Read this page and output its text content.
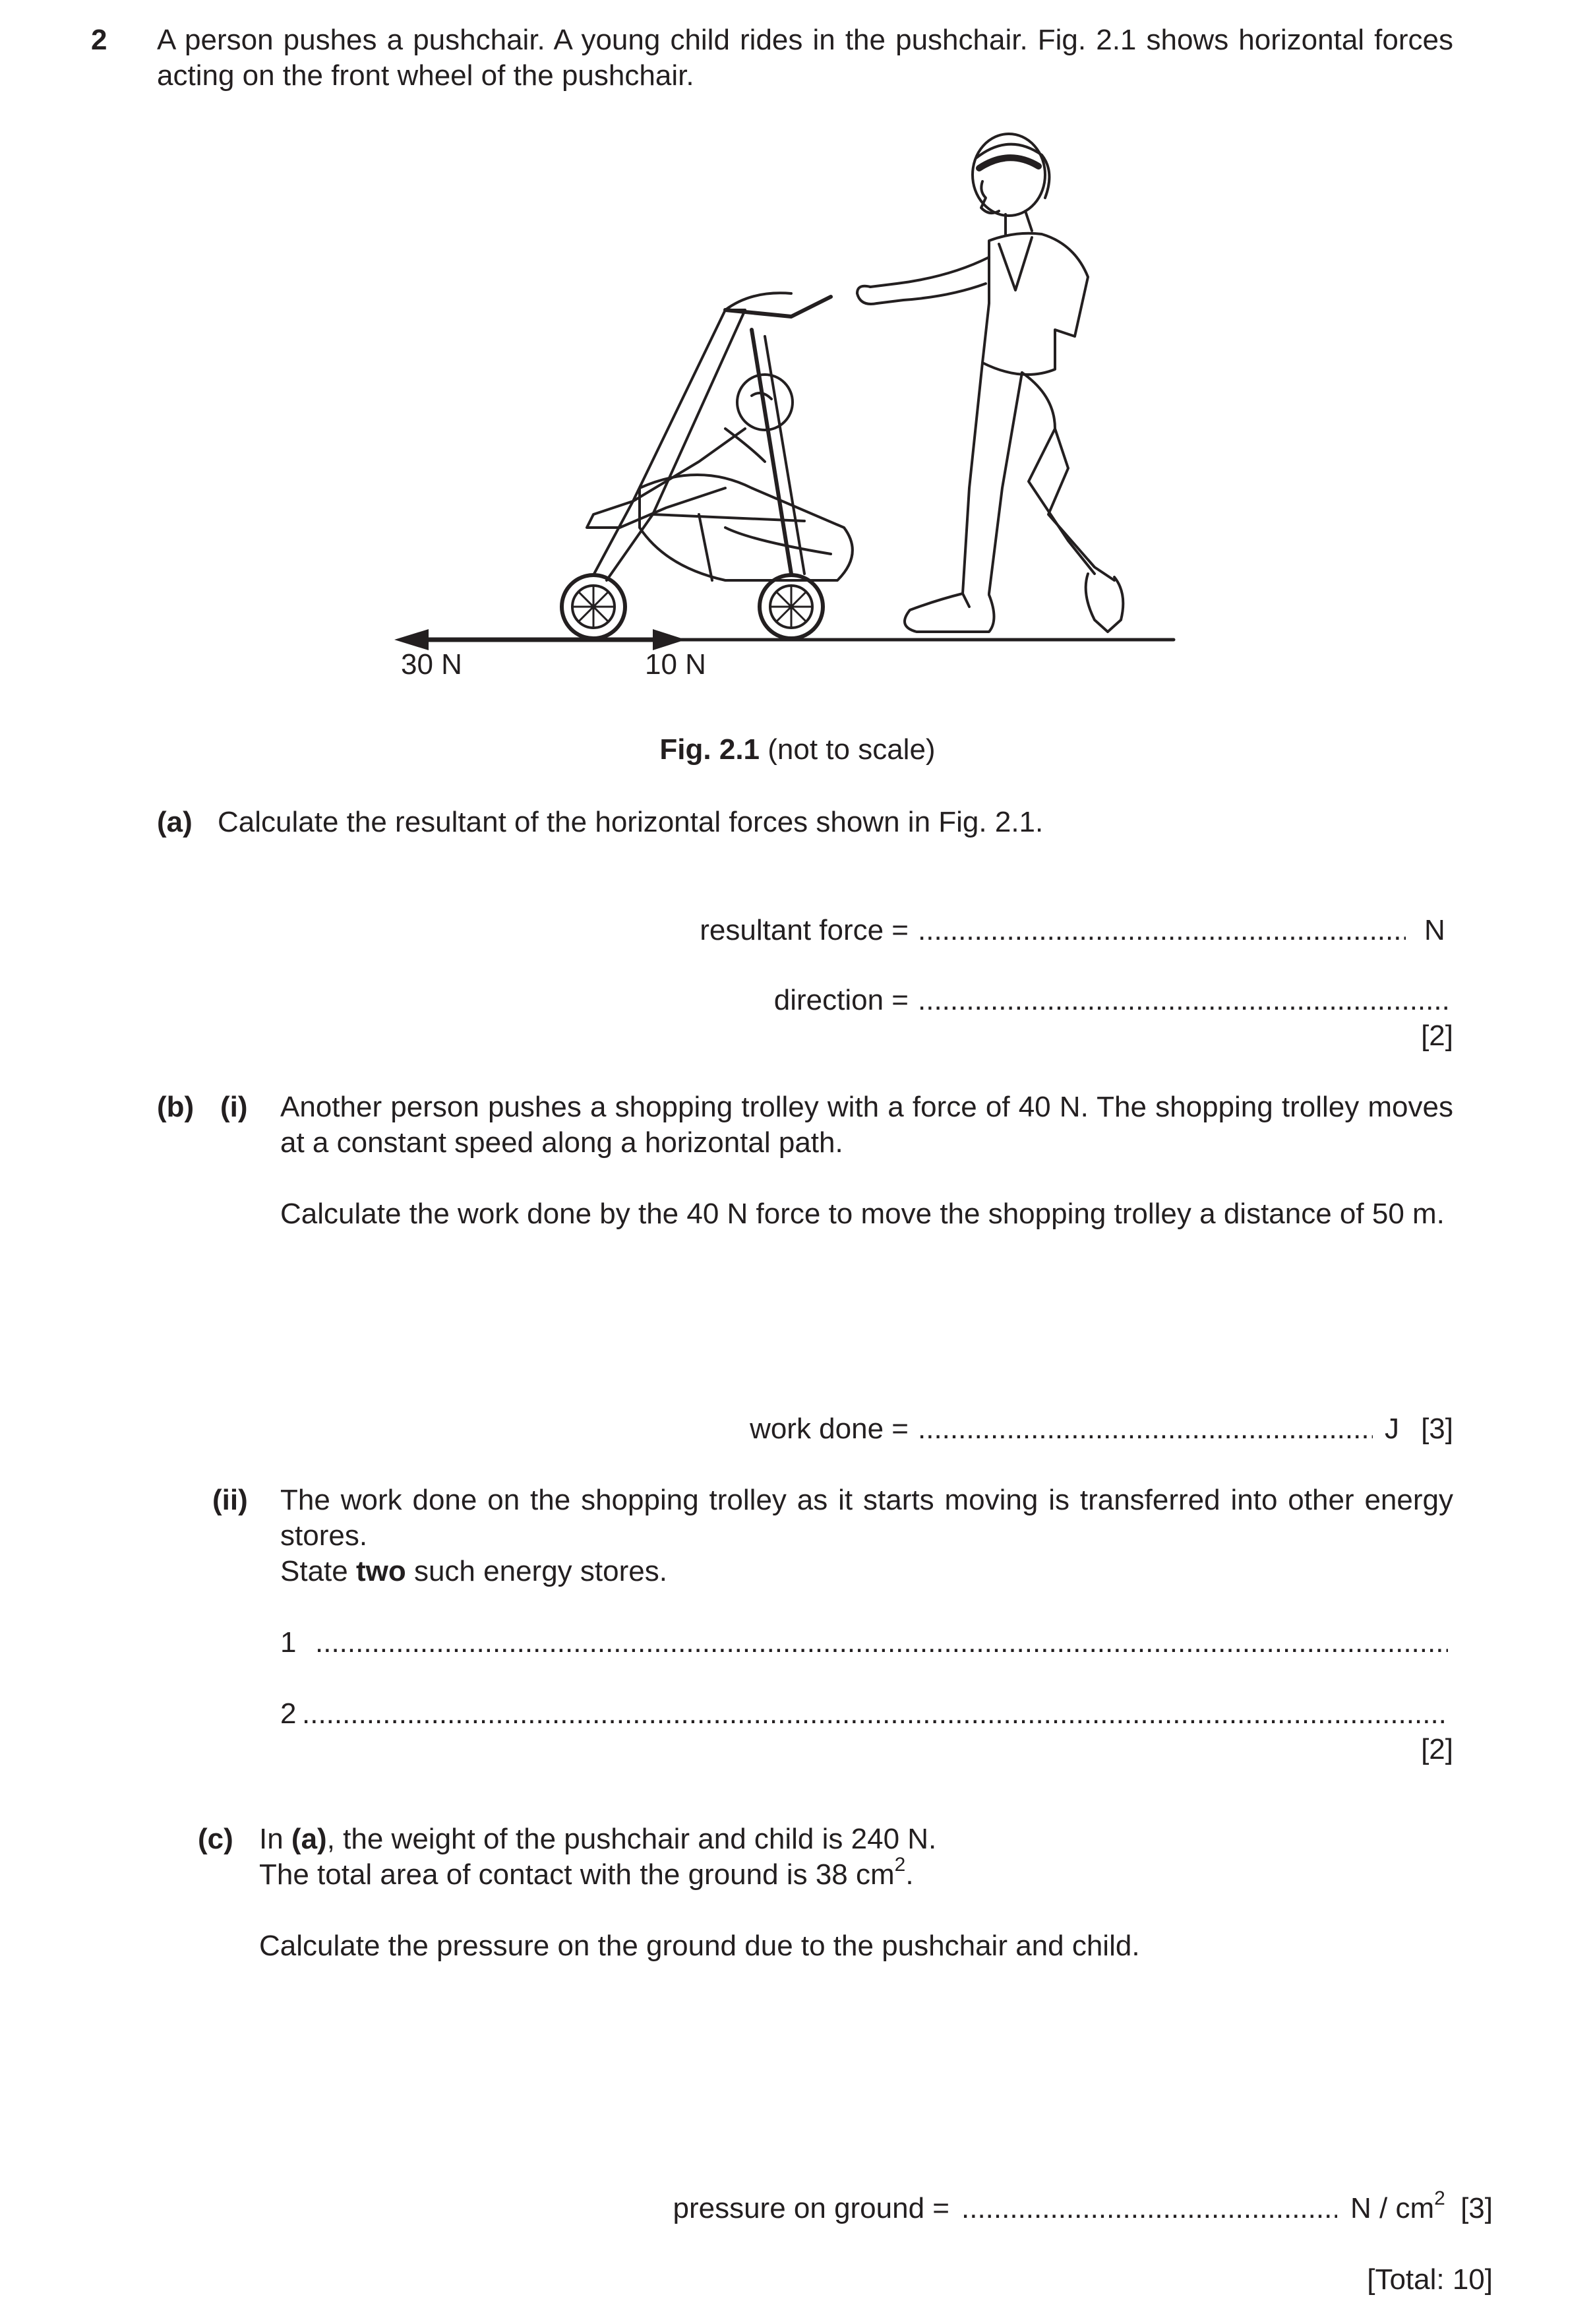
2 A person pushes a pushchair. A young child rides in the pushchair. Fig. 2.1 shows horizontal forces acting on the front wheel of the pushchair.
30 N	10 N
Fig. 2.1 (not to scale)
(a) Calculate the resultant of the horizontal forces shown in Fig. 2.1.
resultant force = .....	N
direction =
.....
[2]
(b) (i) Another person pushes a shopping trolley with a force of 40 N. The shopping trolley moves at a constant speed along a horizontal path.
Calculate the work done by the 40 N force to move the shopping trolley a distance of 50 m.
work done = .....	J [3]
(ii) The work done on the shopping trolley as it starts moving is transferred into other energy stores.
State two such energy stores.
1
.....
2
.....
[2]
(c) In (a), the weight of the pushchair and child is 240 N.
The total area of contact with the ground is 38 $cm^2$.
Calculate the pressure on the ground due to the pushchair and child.
pressure on ground = .....	N / $cm^2$ [3]
[Total: 10]
